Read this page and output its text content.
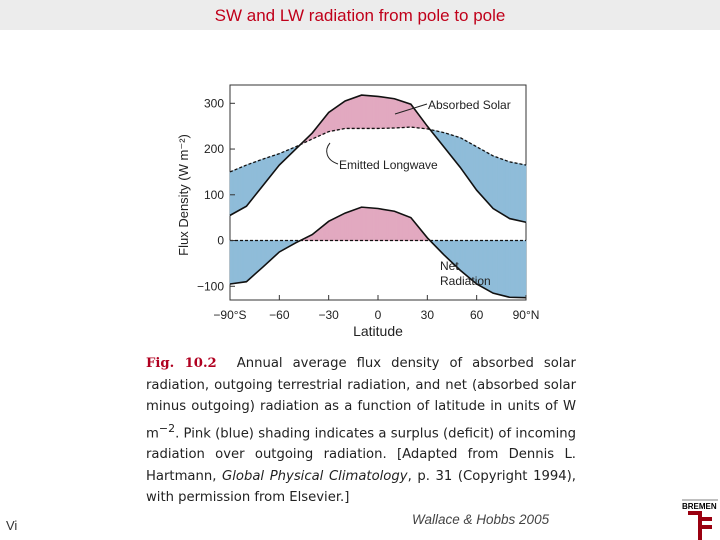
SW and LW radiation from pole to pole
300
200
100
0
−100
−90°S −60 −30	0	30	60 90°N
Latitude
Flux Density (W m⁻²)
Absorbed Solar
Emitted Longwave
Net
Radiation
Fig. 10.2 Annual average flux density of absorbed solar radiation, outgoing terrestrial radiation, and net (absorbed solar minus outgoing) radiation as a function of latitude in units of W $m^{-2}$. Pink (blue) shading indicates a surplus (deficit) of incoming radiation over outgoing radiation. [Adapted from Dennis L. Hartmann, Global Physical Climatology, p. 31 (Copyright 1994), with permission from Elsevier.]
Wallace & Hobbs 2005
Vi
BREMEN
